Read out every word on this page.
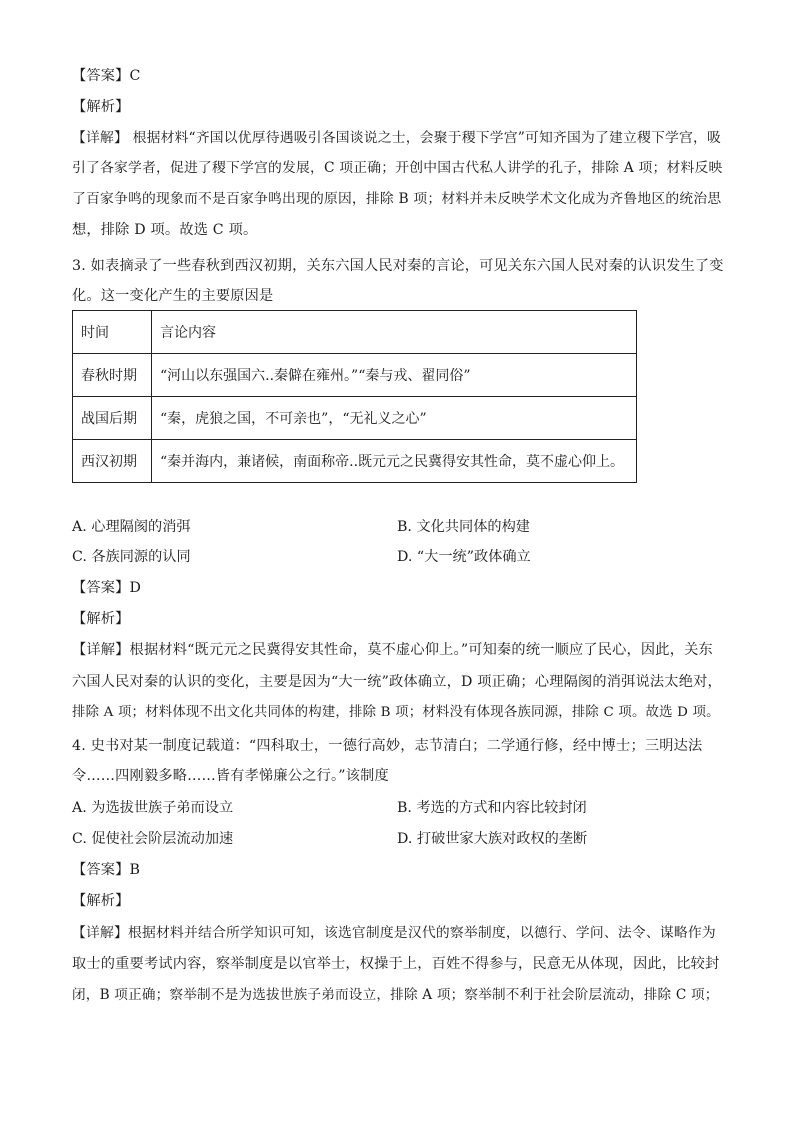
【答案】C
【解析】
【详解】 根据材料“齐国以优厚待遇吸引各国谈说之士，会聚于稷下学宫”可知齐国为了建立稷下学宫，吸
引了各家学者，促进了稷下学宫的发展，C 项正确；开创中国古代私人讲学的孔子，排除 A 项；材料反映
了百家争鸣的现象而不是百家争鸣出现的原因，排除 B 项；材料并未反映学术文化成为齐鲁地区的统治思
想，排除 D 项。故选 C 项。
3. 如表摘录了一些春秋到西汉初期，关东六国人民对秦的言论，可见关东六国人民对秦的认识发生了变
化。这一变化产生的主要原因是
时间	言论内容
春秋时期	“河山以东强国六..秦僻在雍州。”“秦与戎、翟同俗”
战国后期	“秦，虎狼之国，不可亲也”，“无礼义之心”
西汉初期	“秦并海内，兼诸候，南面称帝..既元元之民冀得安其性命，莫不虚心仰上。
A. 心理隔阂的消弭	B. 文化共同体的构建
C. 各族同源的认同	D. “大一统”政体确立
【答案】D
【解析】
【详解】根据材料“既元元之民冀得安其性命，莫不虚心仰上。”可知秦的统一顺应了民心，因此，关东
六国人民对秦的认识的变化，主要是因为“大一统”政体确立，D 项正确；心理隔阂的消弭说法太绝对，
排除 A 项；材料体现不出文化共同体的构建，排除 B 项；材料没有体现各族同源，排除 C 项。故选 D 项。
4. 史书对某一制度记载道：“四科取士，一德行高妙，志节清白；二学通行修，经中博士；三明达法
令……四刚毅多略……皆有孝悌廉公之行。”该制度
A. 为选拔世族子弟而设立	B. 考选的方式和内容比较封闭
C. 促使社会阶层流动加速	D. 打破世家大族对政权的垄断
【答案】B
【解析】
【详解】根据材料并结合所学知识可知，该选官制度是汉代的察举制度，以德行、学问、法令、谋略作为
取士的重要考试内容，察举制度是以官举士，权操于上，百姓不得参与，民意无从体现，因此，比较封
闭，B 项正确；察举制不是为选拔世族子弟而设立，排除 A 项；察举制不利于社会阶层流动，排除 C 项；
